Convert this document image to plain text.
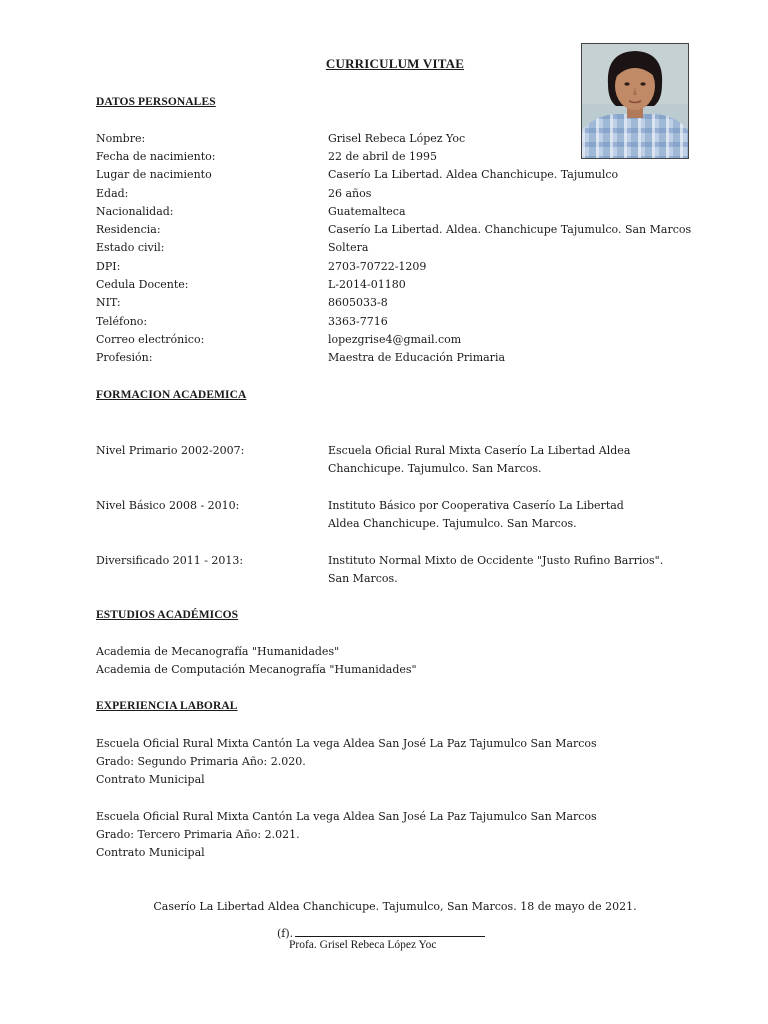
CURRICULUM VITAE
DATOS PERSONALES
Nombre:	Grisel Rebeca López Yoc
Fecha de nacimiento:	22 de abril de 1995
Lugar de nacimiento	Caserío La Libertad. Aldea Chanchicupe. Tajumulco
Edad:	26 años
Nacionalidad:	Guatemalteca
Residencia:	Caserío La Libertad. Aldea. Chanchicupe Tajumulco. San Marcos
Estado civil:	Soltera
DPI:	2703-70722-1209
Cedula Docente:	L-2014-01180
NIT:	8605033-8
Teléfono:	3363-7716
Correo electrónico:	lopezgrise4@gmail.com
Profesión:	Maestra de Educación Primaria
FORMACION ACADEMICA
Nivel Primario 2002-2007:	Escuela Oficial Rural Mixta Caserío La Libertad Aldea
Chanchicupe. Tajumulco. San Marcos.
Nivel Básico 2008 - 2010:	Instituto Básico por Cooperativa Caserío La Libertad
Aldea Chanchicupe. Tajumulco. San Marcos.
Diversificado 2011 - 2013:	Instituto Normal Mixto de Occidente "Justo Rufino Barrios".
San Marcos.
ESTUDIOS ACADÉMICOS
Academia de Mecanografía "Humanidades"
Academia de Computación Mecanografía "Humanidades"
EXPERIENCIA LABORAL
Escuela Oficial Rural Mixta Cantón La vega Aldea San José La Paz Tajumulco San Marcos
Grado: Segundo Primaria Año: 2.020.
Contrato Municipal
Escuela Oficial Rural Mixta Cantón La vega Aldea San José La Paz Tajumulco San Marcos
Grado: Tercero Primaria Año: 2.021.
Contrato Municipal
Caserío La Libertad Aldea Chanchicupe. Tajumulco, San Marcos. 18 de mayo de 2021.
(f).
Profa. Grisel Rebeca López Yoc
